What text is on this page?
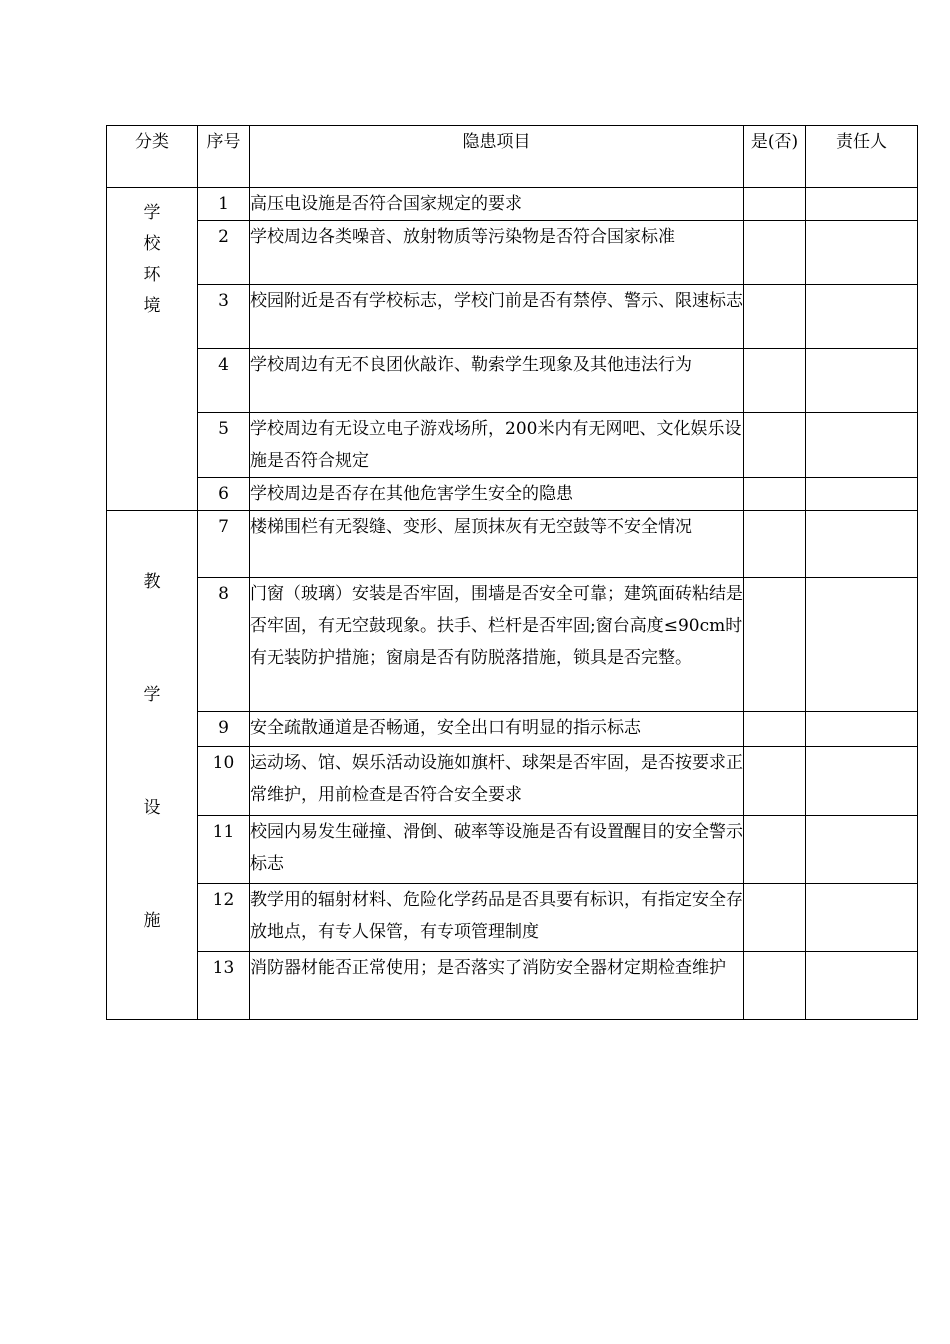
分类	序号	隐患项目	是(否)	责任人

学
校
环
境	1	高压电设施是否符合国家规定的要求		
	2	学校周边各类噪音、放射物质等污染物是否符合国家标准		
	3	校园附近是否有学校标志，学校门前是否有禁停、警示、限速标志		
	4	学校周边有无不良团伙敲诈、勒索学生现象及其他违法行为		
	5	学校周边有无设立电子游戏场所，200米内有无网吧、文化娱乐设施是否符合规定		
	6	学校周边是否存在其他危害学生安全的隐患		

教
学
设
施	7	楼梯围栏有无裂缝、变形、屋顶抹灰有无空鼓等不安全情况		
	8	门窗（玻璃）安装是否牢固，围墙是否安全可靠；建筑面砖粘结是否牢固，有无空鼓现象。扶手、栏杆是否牢固;窗台高度≤90cm时有无装防护措施；窗扇是否有防脱落措施，锁具是否完整。		
	9	安全疏散通道是否畅通，安全出口有明显的指示标志		
	10	运动场、馆、娱乐活动设施如旗杆、球架是否牢固，是否按要求正常维护，用前检查是否符合安全要求		
	11	校园内易发生碰撞、滑倒、破率等设施是否有设置醒目的安全警示标志		
	12	教学用的辐射材料、危险化学药品是否具要有标识，有指定安全存放地点，有专人保管，有专项管理制度		
	13	消防器材能否正常使用；是否落实了消防安全器材定期检查维护		
